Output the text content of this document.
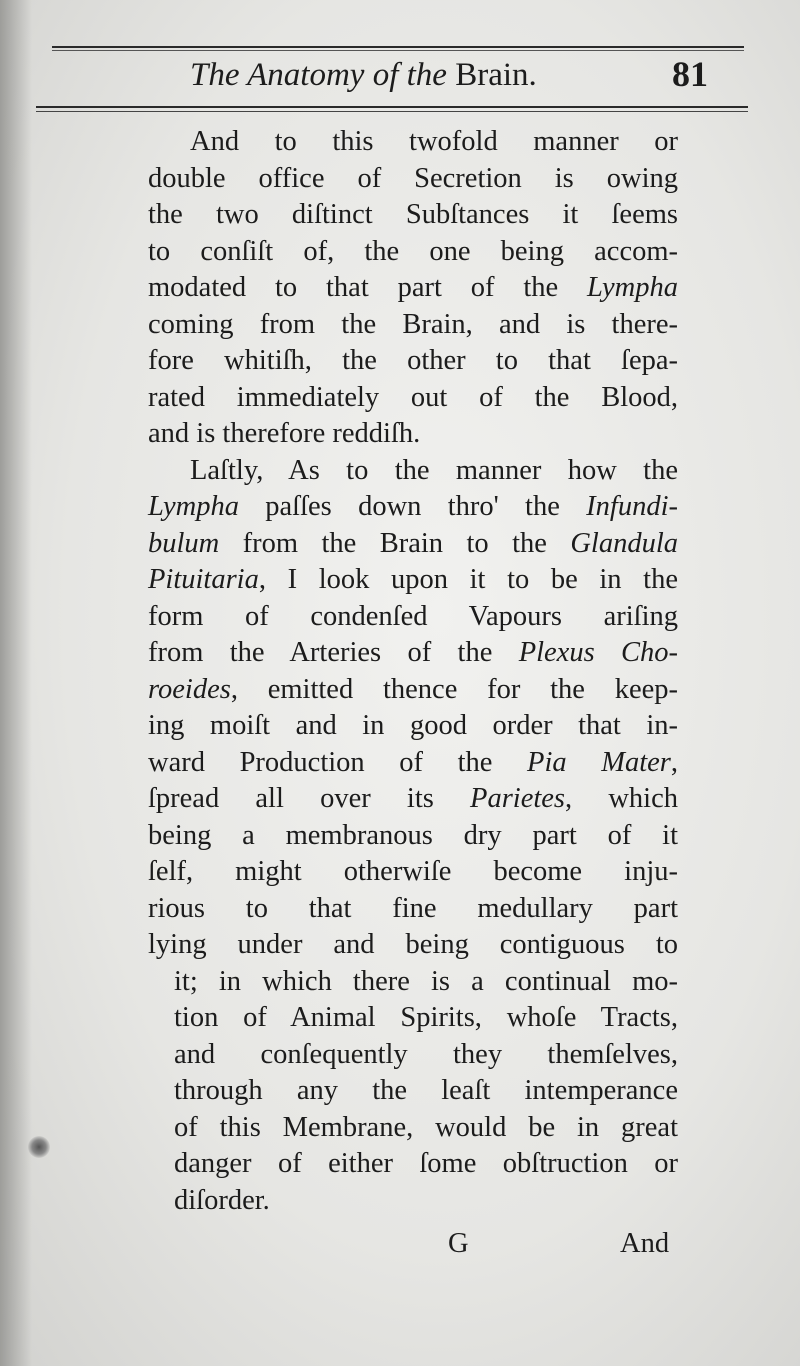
The Anatomy of the Brain.	81
And to this twofold manner or
double office of Secretion is owing
the two diſtinct Subſtances it ſeems
to conſiſt of, the one being accom-
modated to that part of the Lympha
coming from the Brain, and is there-
fore whitiſh, the other to that ſepa-
rated immediately out of the Blood,
and is therefore reddiſh.
Laſtly, As to the manner how the
Lympha paſſes down thro' the Infundi-
bulum from the Brain to the Glandula
Pituitaria, I look upon it to be in the
form of condenſed Vapours ariſing
from the Arteries of the Plexus Cho-
roeides, emitted thence for the keep-
ing moiſt and in good order that in-
ward Production of the Pia Mater,
ſpread all over its Parietes, which
being a membranous dry part of it
ſelf, might otherwiſe become inju-
rious to that fine medullary part
lying under and being contiguous to
it; in which there is a continual mo-
tion of Animal Spirits, whoſe Tracts,
and conſequently they themſelves,
through any the leaſt intemperance
of this Membrane, would be in great
danger of either ſome obſtruction or
diſorder.
G	And
